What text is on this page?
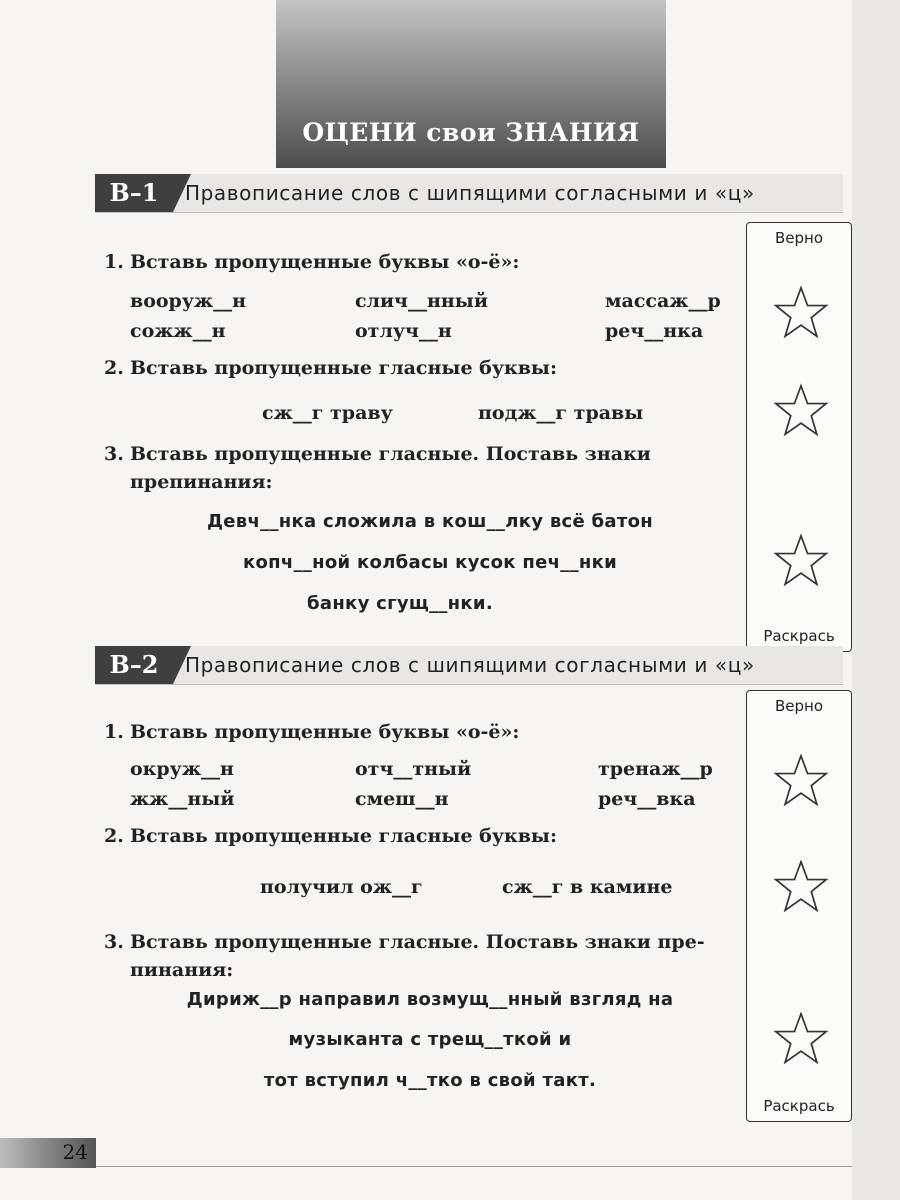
ОЦЕНИ свои ЗНАНИЯ
В–1	Правописание слов с шипящими согласными и «ц»
1. Вставь пропущенные буквы «о-ё»:
вооруж__н	слич__нный	массаж__р
сожж__н	отлуч__н	реч__нка
2. Вставь пропущенные гласные буквы:
сж__г траву	подж__г травы
3. Вставь пропущенные гласные. Поставь знаки
препинания:
Девч__нка сложила в кош__лку всё батон
копч__ной колбасы кусок печ__нки
банку сгущ__нки.
Верно
Раскрась
В–2	Правописание слов с шипящими согласными и «ц»
1. Вставь пропущенные буквы «о-ё»:
окруж__н	отч__тный	тренаж__р
жж__ный	смеш__н	реч__вка
2. Вставь пропущенные гласные буквы:
получил ож__г	сж__г в камине
3. Вставь пропущенные гласные. Поставь знаки пре-
пинания:
Дириж__р направил возмущ__нный взгляд на
музыканта с трещ__ткой и
тот вступил ч__тко в свой такт.
Верно
Раскрась
24
